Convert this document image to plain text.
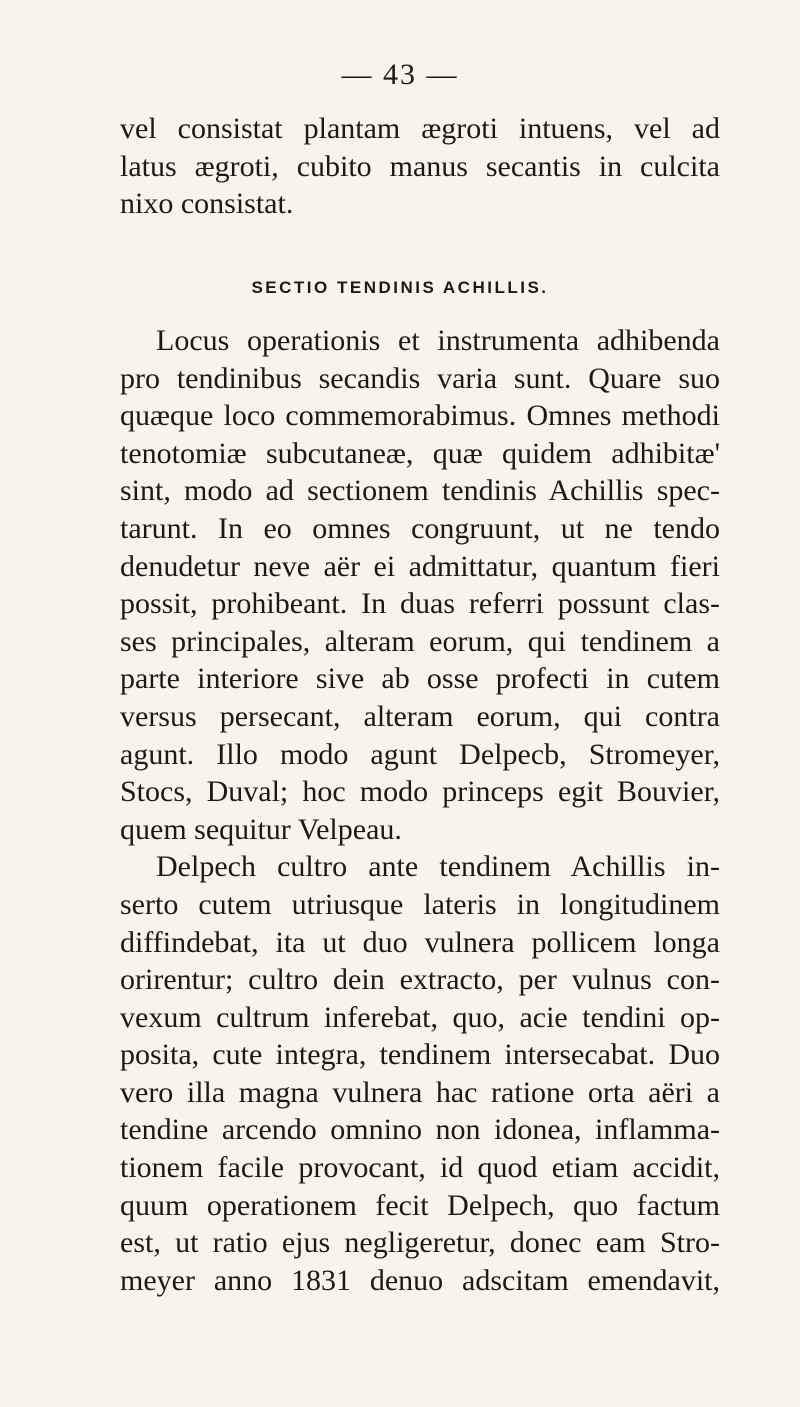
— 43 —
vel consistat plantam ægroti intuens, vel ad
latus ægroti, cubito manus secantis in culcita
nixo consistat.
SECTIO TENDINIS ACHILLIS.
Locus operationis et instrumenta adhibenda
pro tendinibus secandis varia sunt. Quare suo
quæque loco commemorabimus. Omnes methodi
tenotomiæ subcutaneæ, quæ quidem adhibitæ'
sint, modo ad sectionem tendinis Achillis spec-
tarunt. In eo omnes congruunt, ut ne tendo
denudetur neve aër ei admittatur, quantum fieri
possit, prohibeant. In duas referri possunt clas-
ses principales, alteram eorum, qui tendinem a
parte interiore sive ab osse profecti in cutem
versus persecant, alteram eorum, qui contra
agunt. Illo modo agunt Delpecb, Stromeyer,
Stocs, Duval; hoc modo princeps egit Bouvier,
quem sequitur Velpeau.
Delpech cultro ante tendinem Achillis in-
serto cutem utriusque lateris in longitudinem
diffindebat, ita ut duo vulnera pollicem longa
orirentur; cultro dein extracto, per vulnus con-
vexum cultrum inferebat, quo, acie tendini op-
posita, cute integra, tendinem intersecabat. Duo
vero illa magna vulnera hac ratione orta aëri a
tendine arcendo omnino non idonea, inflamma-
tionem facile provocant, id quod etiam accidit,
quum operationem fecit Delpech, quo factum
est, ut ratio ejus negligeretur, donec eam Stro-
meyer anno 1831 denuo adscitam emendavit,
